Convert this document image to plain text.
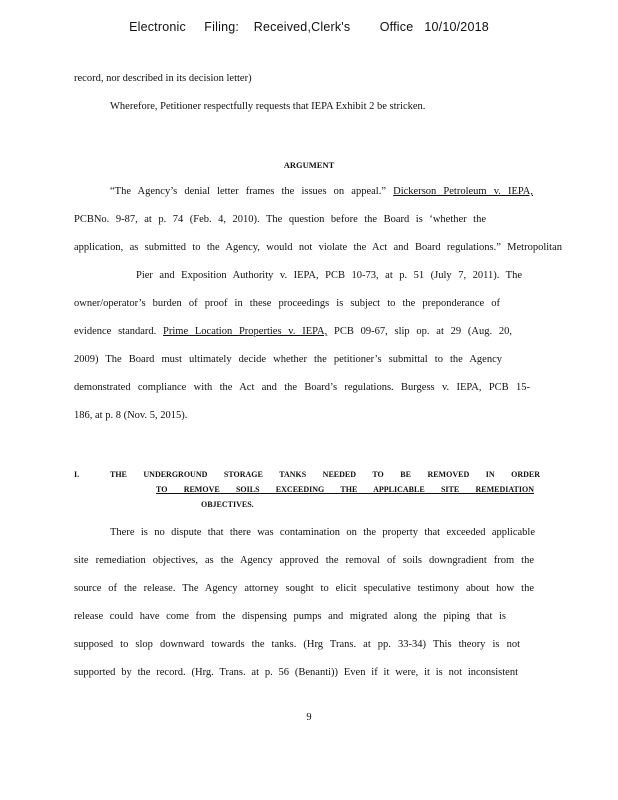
Electronic     Filing:    Received,Clerk's        Office   10/10/2018
record, nor described in its decision letter)
Wherefore, Petitioner respectfully requests that IEPA Exhibit 2 be stricken.
ARGUMENT
“The Agency’s denial letter frames the issues on appeal.” Dickerson Petroleum v. IEPA,
PCBNo. 9-87, at p. 74 (Feb. 4, 2010). The question before the Board is ‘whether the
application, as submitted to the Agency, would not violate the Act and Board regulations.” Metropolitan
Pier and Exposition Authority v. IEPA, PCB 10-73, at p. 51 (July 7, 2011). The
owner/operator’s burden of proof in these proceedings is subject to the preponderance of
evidence standard. Prime Location Properties v. IEPA, PCB 09-67, slip op. at 29 (Aug. 20,
2009) The Board must ultimately decide whether the petitioner’s submittal to the Agency
demonstrated compliance with the Act and the Board’s regulations. Burgess v. IEPA, PCB 15-
186, at p. 8 (Nov. 5, 2015).
I.	THE UNDERGROUND STORAGE TANKS NEEDED TO BE REMOVED IN ORDER
TO REMOVE SOILS EXCEEDING THE APPLICABLE SITE REMEDIATION
OBJECTIVES.
There is no dispute that there was contamination on the property that exceeded applicable
site remediation objectives, as the Agency approved the removal of soils downgradient from the
source of the release. The Agency attorney sought to elicit speculative testimony about how the
release could have come from the dispensing pumps and migrated along the piping that is
supposed to slop downward towards the tanks. (Hrg Trans. at pp. 33-34) This theory is not
supported by the record. (Hrg. Trans. at p. 56 (Benanti)) Even if it were, it is not inconsistent
9
